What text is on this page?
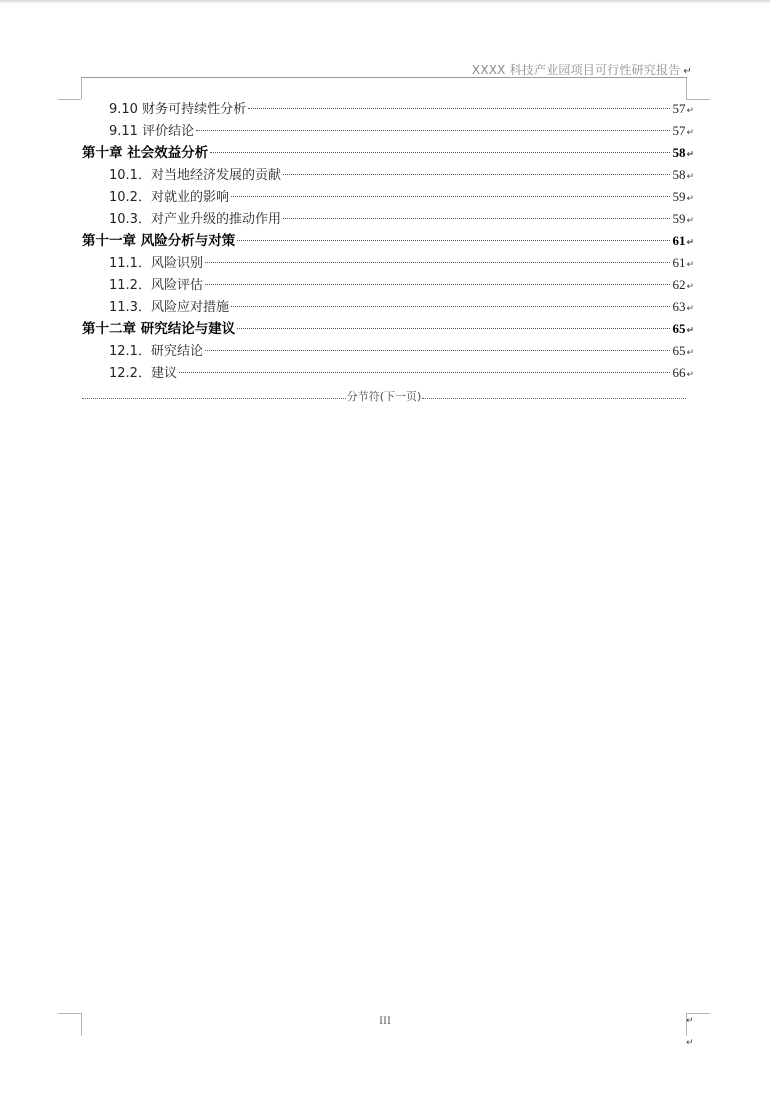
XXXX 科技产业园项目可行性研究报告 ↵
9.10 财务可持续性分析	57 ↵
9.11 评价结论	57 ↵
第十章 社会效益分析	58 ↵
10.1．对当地经济发展的贡献	58 ↵
10.2．对就业的影响	59 ↵
10.3．对产业升级的推动作用	59 ↵
第十一章 风险分析与对策	61 ↵
11.1．风险识别	61 ↵
11.2．风险评估	62 ↵
11.3．风险应对措施	63 ↵
第十二章 研究结论与建议	65 ↵
12.1．研究结论	65 ↵
12.2．建议	66 ↵
分节符(下一页)
III	↵
↵
